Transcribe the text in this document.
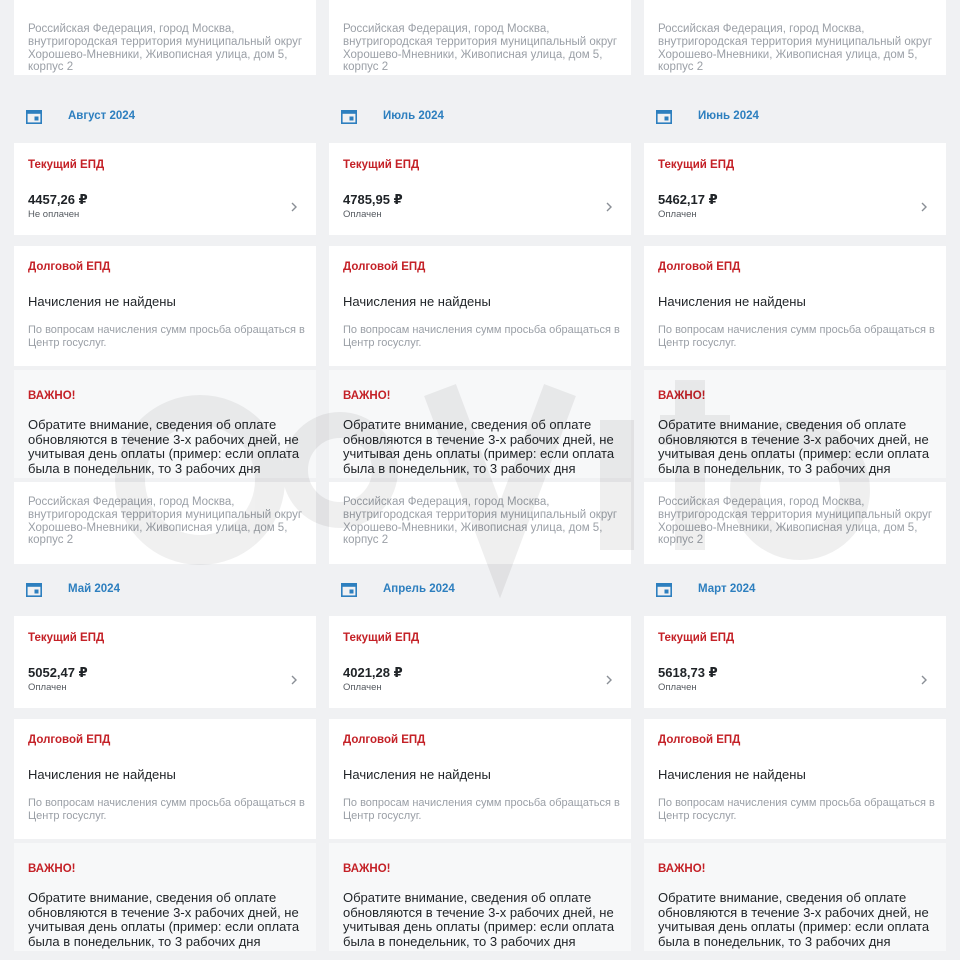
Российская Федерация, город Москва, внутригородская территория муниципальный округ Хорошево-Мневники, Живописная улица, дом 5, корпус 2
Август 2024
Текущий ЕПД
4457,26 ₽
Не оплачен
Долговой ЕПД
Начисления не найдены
По вопросам начисления сумм просьба обращаться в Центр госуслуг.
ВАЖНО!
Обратите внимание, сведения об оплате обновляются в течение 3-х рабочих дней, не учитывая день оплаты (пример: если оплата была в понедельник, то 3 рабочих дня
Российская Федерация, город Москва, внутригородская территория муниципальный округ Хорошево-Мневники, Живописная улица, дом 5, корпус 2
Май 2024
Текущий ЕПД
5052,47 ₽
Оплачен
Долговой ЕПД
Начисления не найдены
По вопросам начисления сумм просьба обращаться в Центр госуслуг.
ВАЖНО!
Обратите внимание, сведения об оплате обновляются в течение 3-х рабочих дней, не учитывая день оплаты (пример: если оплата была в понедельник, то 3 рабочих дня
Российская Федерация, город Москва, внутригородская территория муниципальный округ Хорошево-Мневники, Живописная улица, дом 5, корпус 2
Июль 2024
Текущий ЕПД
4785,95 ₽
Оплачен
Долговой ЕПД
Начисления не найдены
По вопросам начисления сумм просьба обращаться в Центр госуслуг.
ВАЖНО!
Обратите внимание, сведения об оплате обновляются в течение 3-х рабочих дней, не учитывая день оплаты (пример: если оплата была в понедельник, то 3 рабочих дня
Российская Федерация, город Москва, внутригородская территория муниципальный округ Хорошево-Мневники, Живописная улица, дом 5, корпус 2
Апрель 2024
Текущий ЕПД
4021,28 ₽
Оплачен
Долговой ЕПД
Начисления не найдены
По вопросам начисления сумм просьба обращаться в Центр госуслуг.
ВАЖНО!
Обратите внимание, сведения об оплате обновляются в течение 3-х рабочих дней, не учитывая день оплаты (пример: если оплата была в понедельник, то 3 рабочих дня
Российская Федерация, город Москва, внутригородская территория муниципальный округ Хорошево-Мневники, Живописная улица, дом 5, корпус 2
Июнь 2024
Текущий ЕПД
5462,17 ₽
Оплачен
Долговой ЕПД
Начисления не найдены
По вопросам начисления сумм просьба обращаться в Центр госуслуг.
ВАЖНО!
Обратите внимание, сведения об оплате обновляются в течение 3-х рабочих дней, не учитывая день оплаты (пример: если оплата была в понедельник, то 3 рабочих дня
Российская Федерация, город Москва, внутригородская территория муниципальный округ Хорошево-Мневники, Живописная улица, дом 5, корпус 2
Март 2024
Текущий ЕПД
5618,73 ₽
Оплачен
Долговой ЕПД
Начисления не найдены
По вопросам начисления сумм просьба обращаться в Центр госуслуг.
ВАЖНО!
Обратите внимание, сведения об оплате обновляются в течение 3-х рабочих дней, не учитывая день оплаты (пример: если оплата была в понедельник, то 3 рабочих дня
